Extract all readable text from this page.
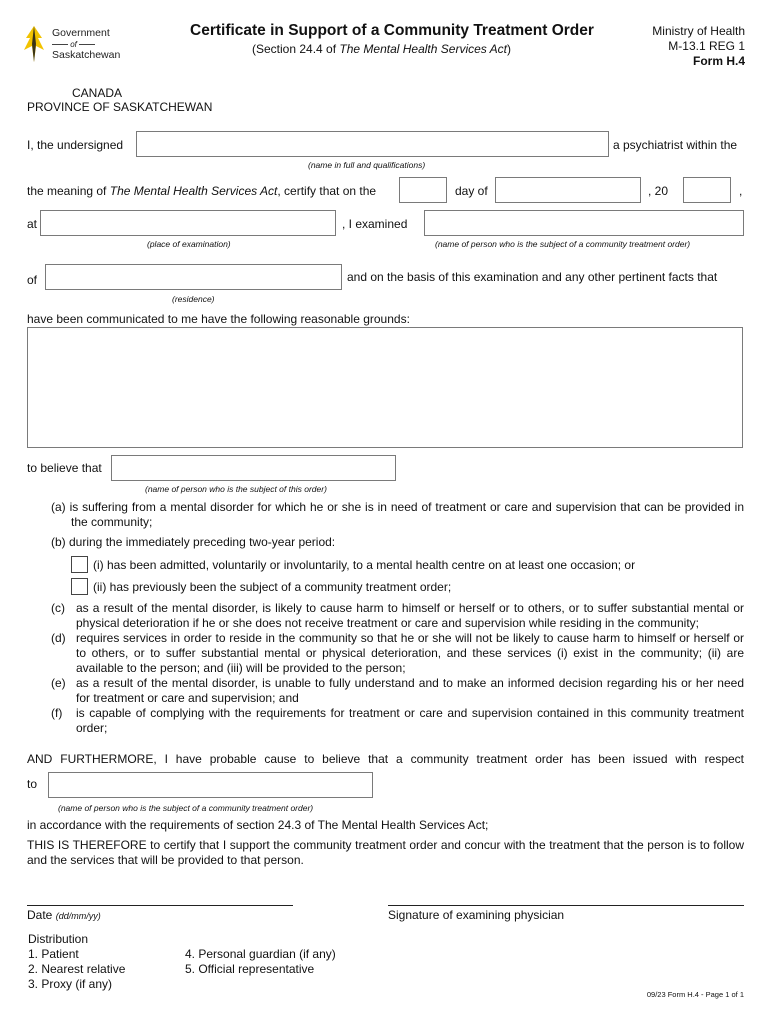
Government
of
Saskatchewan
Certificate in Support of a Community Treatment Order
(Section 24.4 of The Mental Health Services Act)
Ministry of Health
M-13.1 REG 1
Form H.4
CANADA
PROVINCE OF SASKATCHEWAN
I, the undersigned	a psychiatrist within the
(name in full and qualifications)
the meaning of The Mental Health Services Act, certify that on the	day of	, 20	,
at	, I examined
(place of examination)	(name of person who is the subject of a community treatment order)
of	and on the basis of this examination and any other pertinent facts that
(residence)
have been communicated to me have the following reasonable grounds:
to believe that
(name of person who is the subject of this order)
(a) is suffering from a mental disorder for which he or she is in need of treatment or care and supervision that can be provided in the community;
(b) during the immediately preceding two-year period:
(i) has been admitted, voluntarily or involuntarily, to a mental health centre on at least one occasion; or
(ii) has previously been the subject of a community treatment order;
(c) as a result of the mental disorder, is likely to cause harm to himself or herself or to others, or to suffer substantial mental or physical deterioration if he or she does not receive treatment or care and supervision while residing in the community;
(d) requires services in order to reside in the community so that he or she will not be likely to cause harm to himself or herself or to others, or to suffer substantial mental or physical deterioration, and these services (i) exist in the community; (ii) are available to the person; and (iii) will be provided to the person;
(e) as a result of the mental disorder, is unable to fully understand and to make an informed decision regarding his or her need for treatment or care and supervision; and
(f)	is capable of complying with the requirements for treatment or care and supervision contained in this community treatment order;
AND FURTHERMORE, I have probable cause to believe that a community treatment order has been issued with respect
to
(name of person who is the subject of a community treatment order)
in accordance with the requirements of section 24.3 of The Mental Health Services Act;
THIS IS THEREFORE to certify that I support the community treatment order and concur with the treatment that the person is to follow and the services that will be provided to that person.
Date (dd/mm/yy)	Signature of examining physician
Distribution
1. Patient
2. Nearest relative
3. Proxy (if any)
4. Personal guardian (if any)
5. Official representative
09/23 Form H.4 - Page 1 of 1
